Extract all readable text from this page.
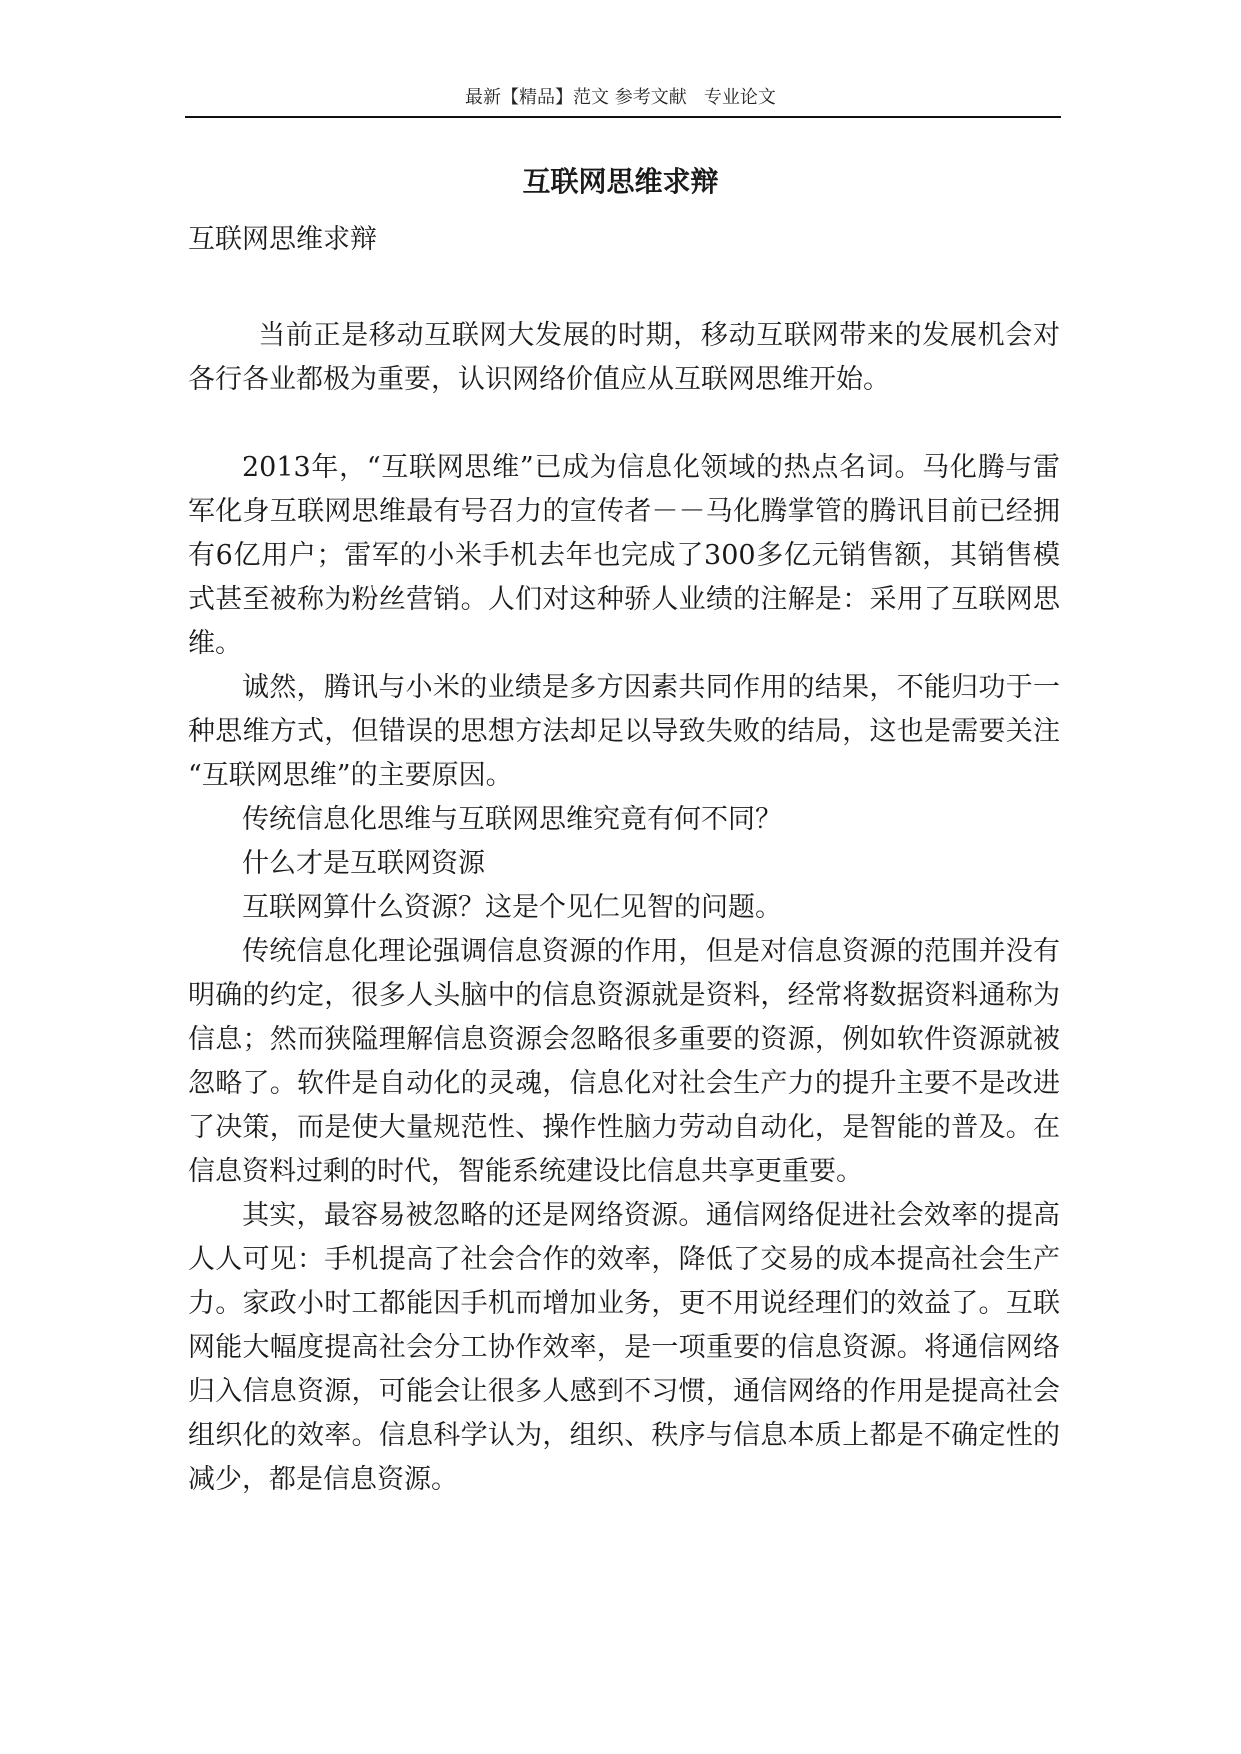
最新【精品】范文 参考文献   专业论文
互联网思维求辩
互联网思维求辩

当前正是移动互联网大发展的时期，移动互联网带来的发展机会对各行各业都极为重要，认识网络价值应从互联网思维开始。

2013年，“互联网思维”已成为信息化领域的热点名词。马化腾与雷军化身互联网思维最有号召力的宣传者－－马化腾掌管的腾讯目前已经拥有6亿用户；雷军的小米手机去年也完成了300多亿元销售额，其销售模式甚至被称为粉丝营销。人们对这种骄人业绩的注解是：采用了互联网思维。

诚然，腾讯与小米的业绩是多方因素共同作用的结果，不能归功于一种思维方式，但错误的思想方法却足以导致失败的结局，这也是需要关注 “互联网思维”的主要原因。

传统信息化思维与互联网思维究竟有何不同？

什么才是互联网资源

互联网算什么资源？这是个见仁见智的问题。

传统信息化理论强调信息资源的作用，但是对信息资源的范围并没有明确的约定，很多人头脑中的信息资源就是资料，经常将数据资料通称为信息；然而狭隘理解信息资源会忽略很多重要的资源，例如软件资源就被忽略了。软件是自动化的灵魂，信息化对社会生产力的提升主要不是改进了决策，而是使大量规范性、操作性脑力劳动自动化，是智能的普及。在信息资料过剩的时代，智能系统建设比信息共享更重要。

其实，最容易被忽略的还是网络资源。通信网络促进社会效率的提高人人可见：手机提高了社会合作的效率，降低了交易的成本提高社会生产力。家政小时工都能因手机而增加业务，更不用说经理们的效益了。互联网能大幅度提高社会分工协作效率，是一项重要的信息资源。将通信网络归入信息资源，可能会让很多人感到不习惯，通信网络的作用是提高社会组织化的效率。信息科学认为，组织、秩序与信息本质上都是不确定性的减少，都是信息资源。
